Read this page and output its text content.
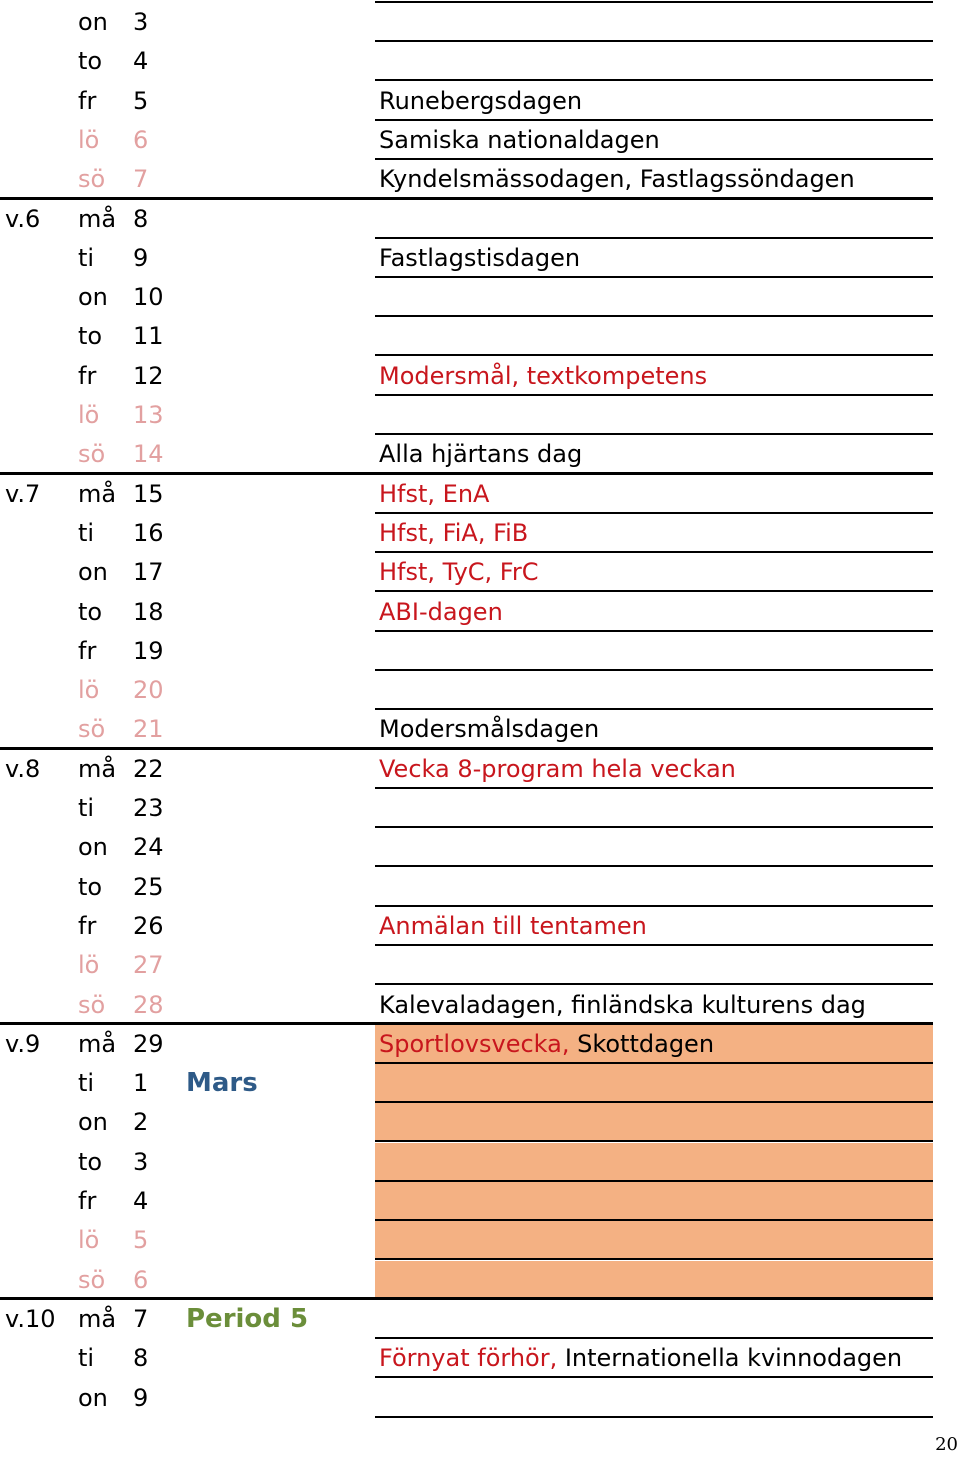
on 3
to 4
fr 5	Runebergsdagen
lö 6	Samiska nationaldagen
sö 7	Kyndelsmässodagen, Fastlagssöndagen
v.6 må 8
ti 9	Fastlagstisdagen
on 10
to 11
fr 12	Modersmål, textkompetens
lö 13
sö 14	Alla hjärtans dag
v.7 må 15	Hfst, EnA
ti 16	Hfst, FiA, FiB
on 17	Hfst, TyC, FrC
to 18	ABI-dagen
fr 19
lö 20
sö 21	Modersmålsdagen
v.8 må 22	Vecka 8-program hela veckan
ti 23
on 24
to 25
fr 26	Anmälan till tentamen
lö 27
sö 28	Kalevaladagen, finländska kulturens dag
v.9 må 29	Sportlovsvecka, Skottdagen
ti 1 Mars
on 2
to 3
fr 4
lö 5
sö 6
v.10 må 7 Period 5
ti 8	Förnyat förhör, Internationella kvinnodagen
on 9
20
